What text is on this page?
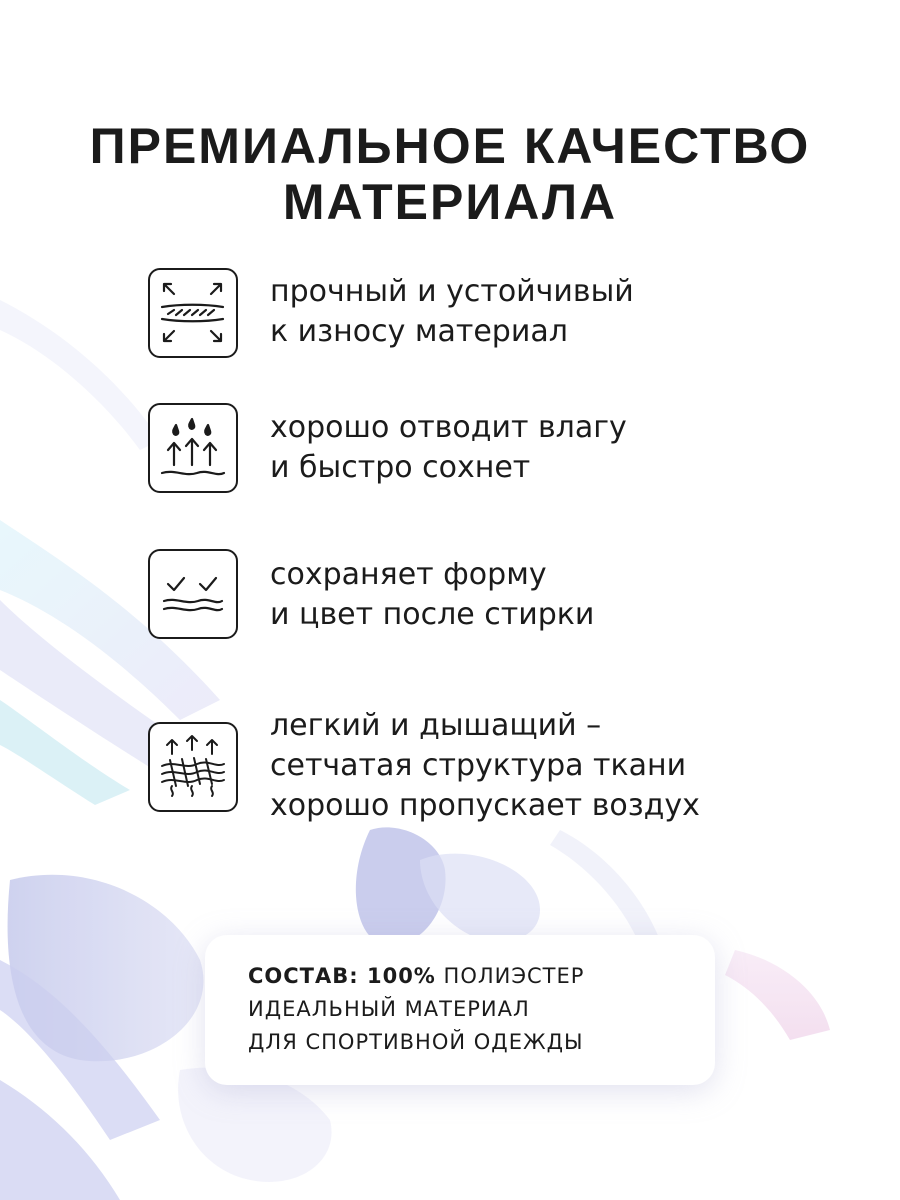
ПРЕМИАЛЬНОЕ КАЧЕСТВО
МАТЕРИАЛА
прочный и устойчивый
к износу материал
хорошо отводит влагу
и быстро сохнет
сохраняет форму
и цвет после стирки
легкий и дышащий –
сетчатая структура ткани
хорошо пропускает воздух
СОСТАВ: 100% ПОЛИЭСТЕР
ИДЕАЛЬНЫЙ МАТЕРИАЛ
ДЛЯ СПОРТИВНОЙ ОДЕЖДЫ
